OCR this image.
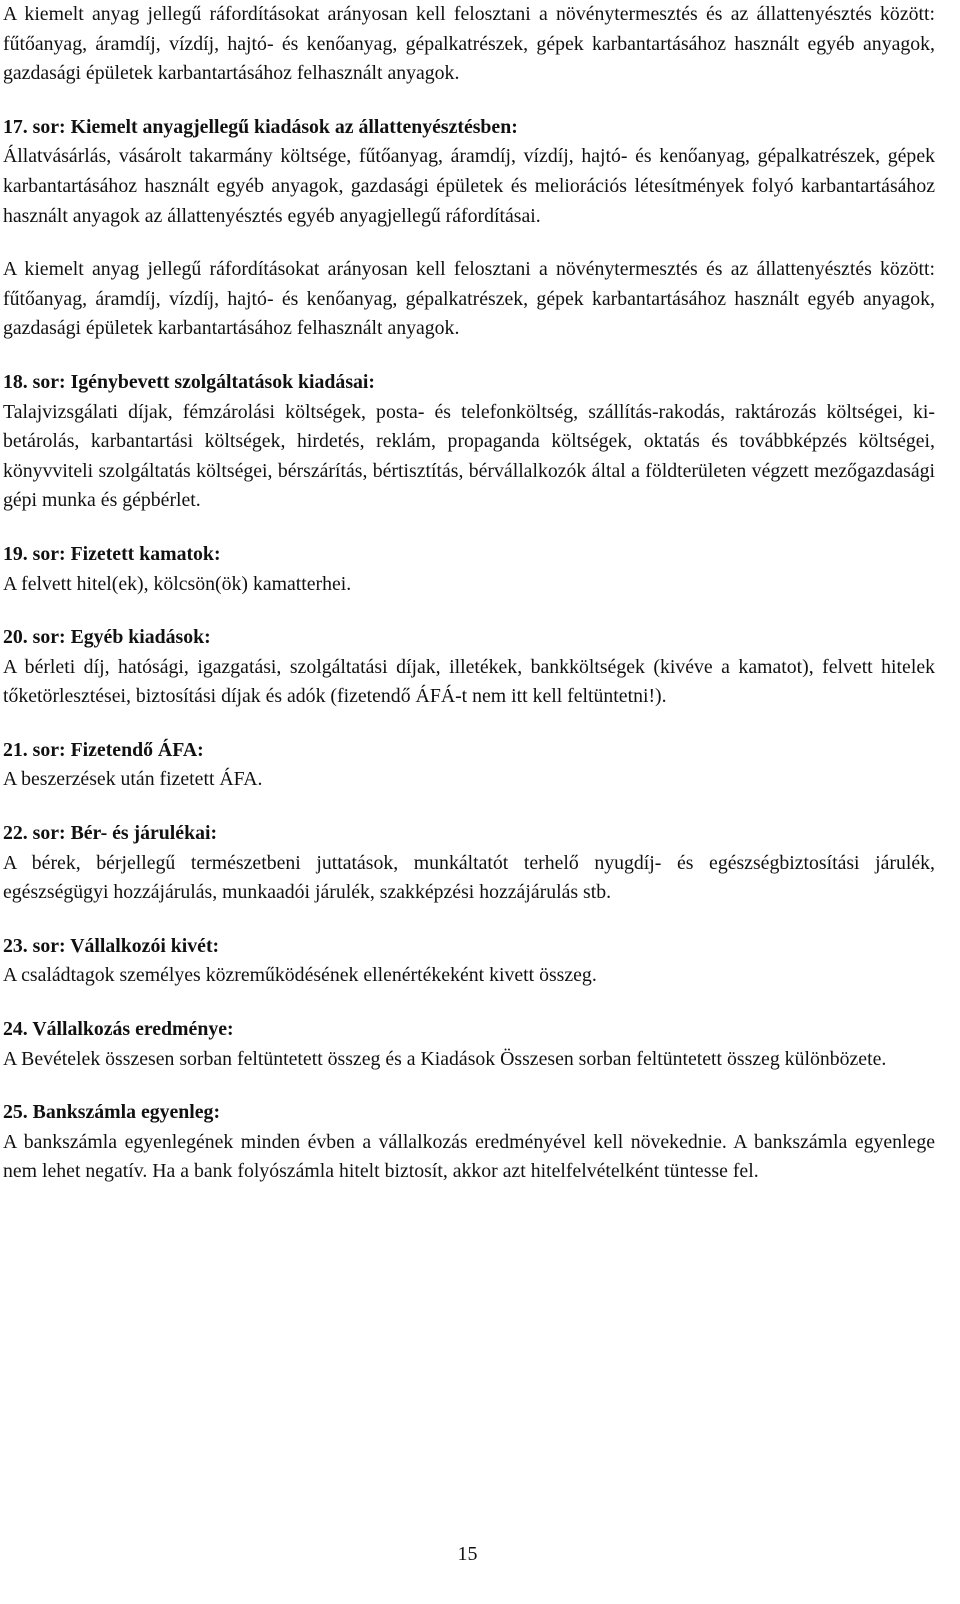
A kiemelt anyag jellegű ráfordításokat arányosan kell felosztani a növénytermesztés és az állattenyésztés között: fűtőanyag, áramdíj, vízdíj, hajtó- és kenőanyag, gépalkatrészek, gépek karbantartásához használt egyéb anyagok, gazdasági épületek karbantartásához felhasznált anyagok.

17. sor: Kiemelt anyagjellegű kiadások az állattenyésztésben:

Állatvásárlás, vásárolt takarmány költsége, fűtőanyag, áramdíj, vízdíj, hajtó- és kenőanyag, gépalkatrészek, gépek karbantartásához használt egyéb anyagok, gazdasági épületek és meliorációs létesítmények folyó karbantartásához használt anyagok az állattenyésztés egyéb anyagjellegű ráfordításai.

A kiemelt anyag jellegű ráfordításokat arányosan kell felosztani a növénytermesztés és az állattenyésztés között: fűtőanyag, áramdíj, vízdíj, hajtó- és kenőanyag, gépalkatrészek, gépek karbantartásához használt egyéb anyagok, gazdasági épületek karbantartásához felhasznált anyagok.

18. sor: Igénybevett szolgáltatások kiadásai:

Talajvizsgálati díjak, fémzárolási költségek, posta- és telefonköltség, szállítás-rakodás, raktározás költségei, ki-betárolás, karbantartási költségek, hirdetés, reklám, propaganda költségek, oktatás és továbbképzés költségei, könyvviteli szolgáltatás költségei, bérszárítás, bértisztítás, bérvállalkozók által a földterületen végzett mezőgazdasági gépi munka és gépbérlet.

19. sor: Fizetett kamatok:

A felvett hitel(ek), kölcsön(ök) kamatterhei.

20. sor: Egyéb kiadások:

A bérleti díj, hatósági, igazgatási, szolgáltatási díjak, illetékek, bankköltségek (kivéve a kamatot), felvett hitelek tőketörlesztései, biztosítási díjak és adók (fizetendő ÁFÁ-t nem itt kell feltüntetni!).

21. sor: Fizetendő ÁFA:

A beszerzések után fizetett ÁFA.

22. sor: Bér- és járulékai:

A bérek, bérjellegű természetbeni juttatások, munkáltatót terhelő nyugdíj- és egészségbiztosítási járulék, egészségügyi hozzájárulás, munkaadói járulék, szakképzési hozzájárulás stb.

23. sor: Vállalkozói kivét:

A családtagok személyes közreműködésének ellenértékeként kivett összeg.

24. Vállalkozás eredménye:

A Bevételek összesen sorban feltüntetett összeg és a Kiadások Összesen sorban feltüntetett összeg különbözete.

25. Bankszámla egyenleg:

A bankszámla egyenlegének minden évben a vállalkozás eredményével kell növekednie. A bankszámla egyenlege nem lehet negatív. Ha a bank folyószámla hitelt biztosít, akkor azt hitelfelvételként tüntesse fel.

15
